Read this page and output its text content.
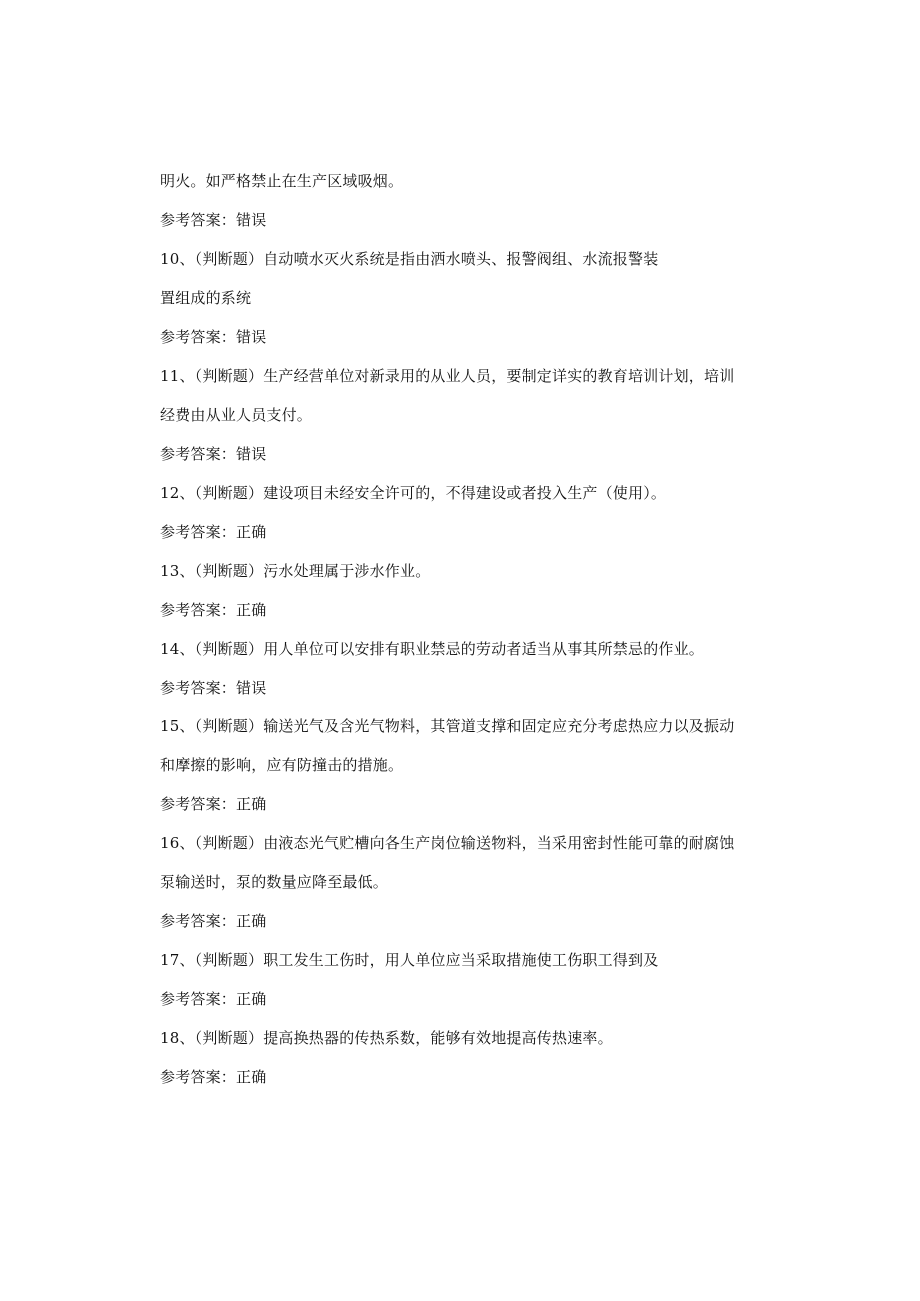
明火。如严格禁止在生产区域吸烟。
参考答案：错误
10、（判断题）自动喷水灭火系统是指由洒水喷头、报警阀组、水流报警装
置组成的系统
参考答案：错误
11、（判断题）生产经营单位对新录用的从业人员，要制定详实的教育培训计划，培训
经费由从业人员支付。
参考答案：错误
12、（判断题）建设项目未经安全许可的，不得建设或者投入生产（使用）。
参考答案：正确
13、（判断题）污水处理属于涉水作业。
参考答案：正确
14、（判断题）用人单位可以安排有职业禁忌的劳动者适当从事其所禁忌的作业。
参考答案：错误
15、（判断题）输送光气及含光气物料，其管道支撑和固定应充分考虑热应力以及振动
和摩擦的影响，应有防撞击的措施。
参考答案：正确
16、（判断题）由液态光气贮槽向各生产岗位输送物料，当采用密封性能可靠的耐腐蚀
泵输送时，泵的数量应降至最低。
参考答案：正确
17、（判断题）职工发生工伤时，用人单位应当采取措施使工伤职工得到及
参考答案：正确
18、（判断题）提高换热器的传热系数，能够有效地提高传热速率。
参考答案：正确
